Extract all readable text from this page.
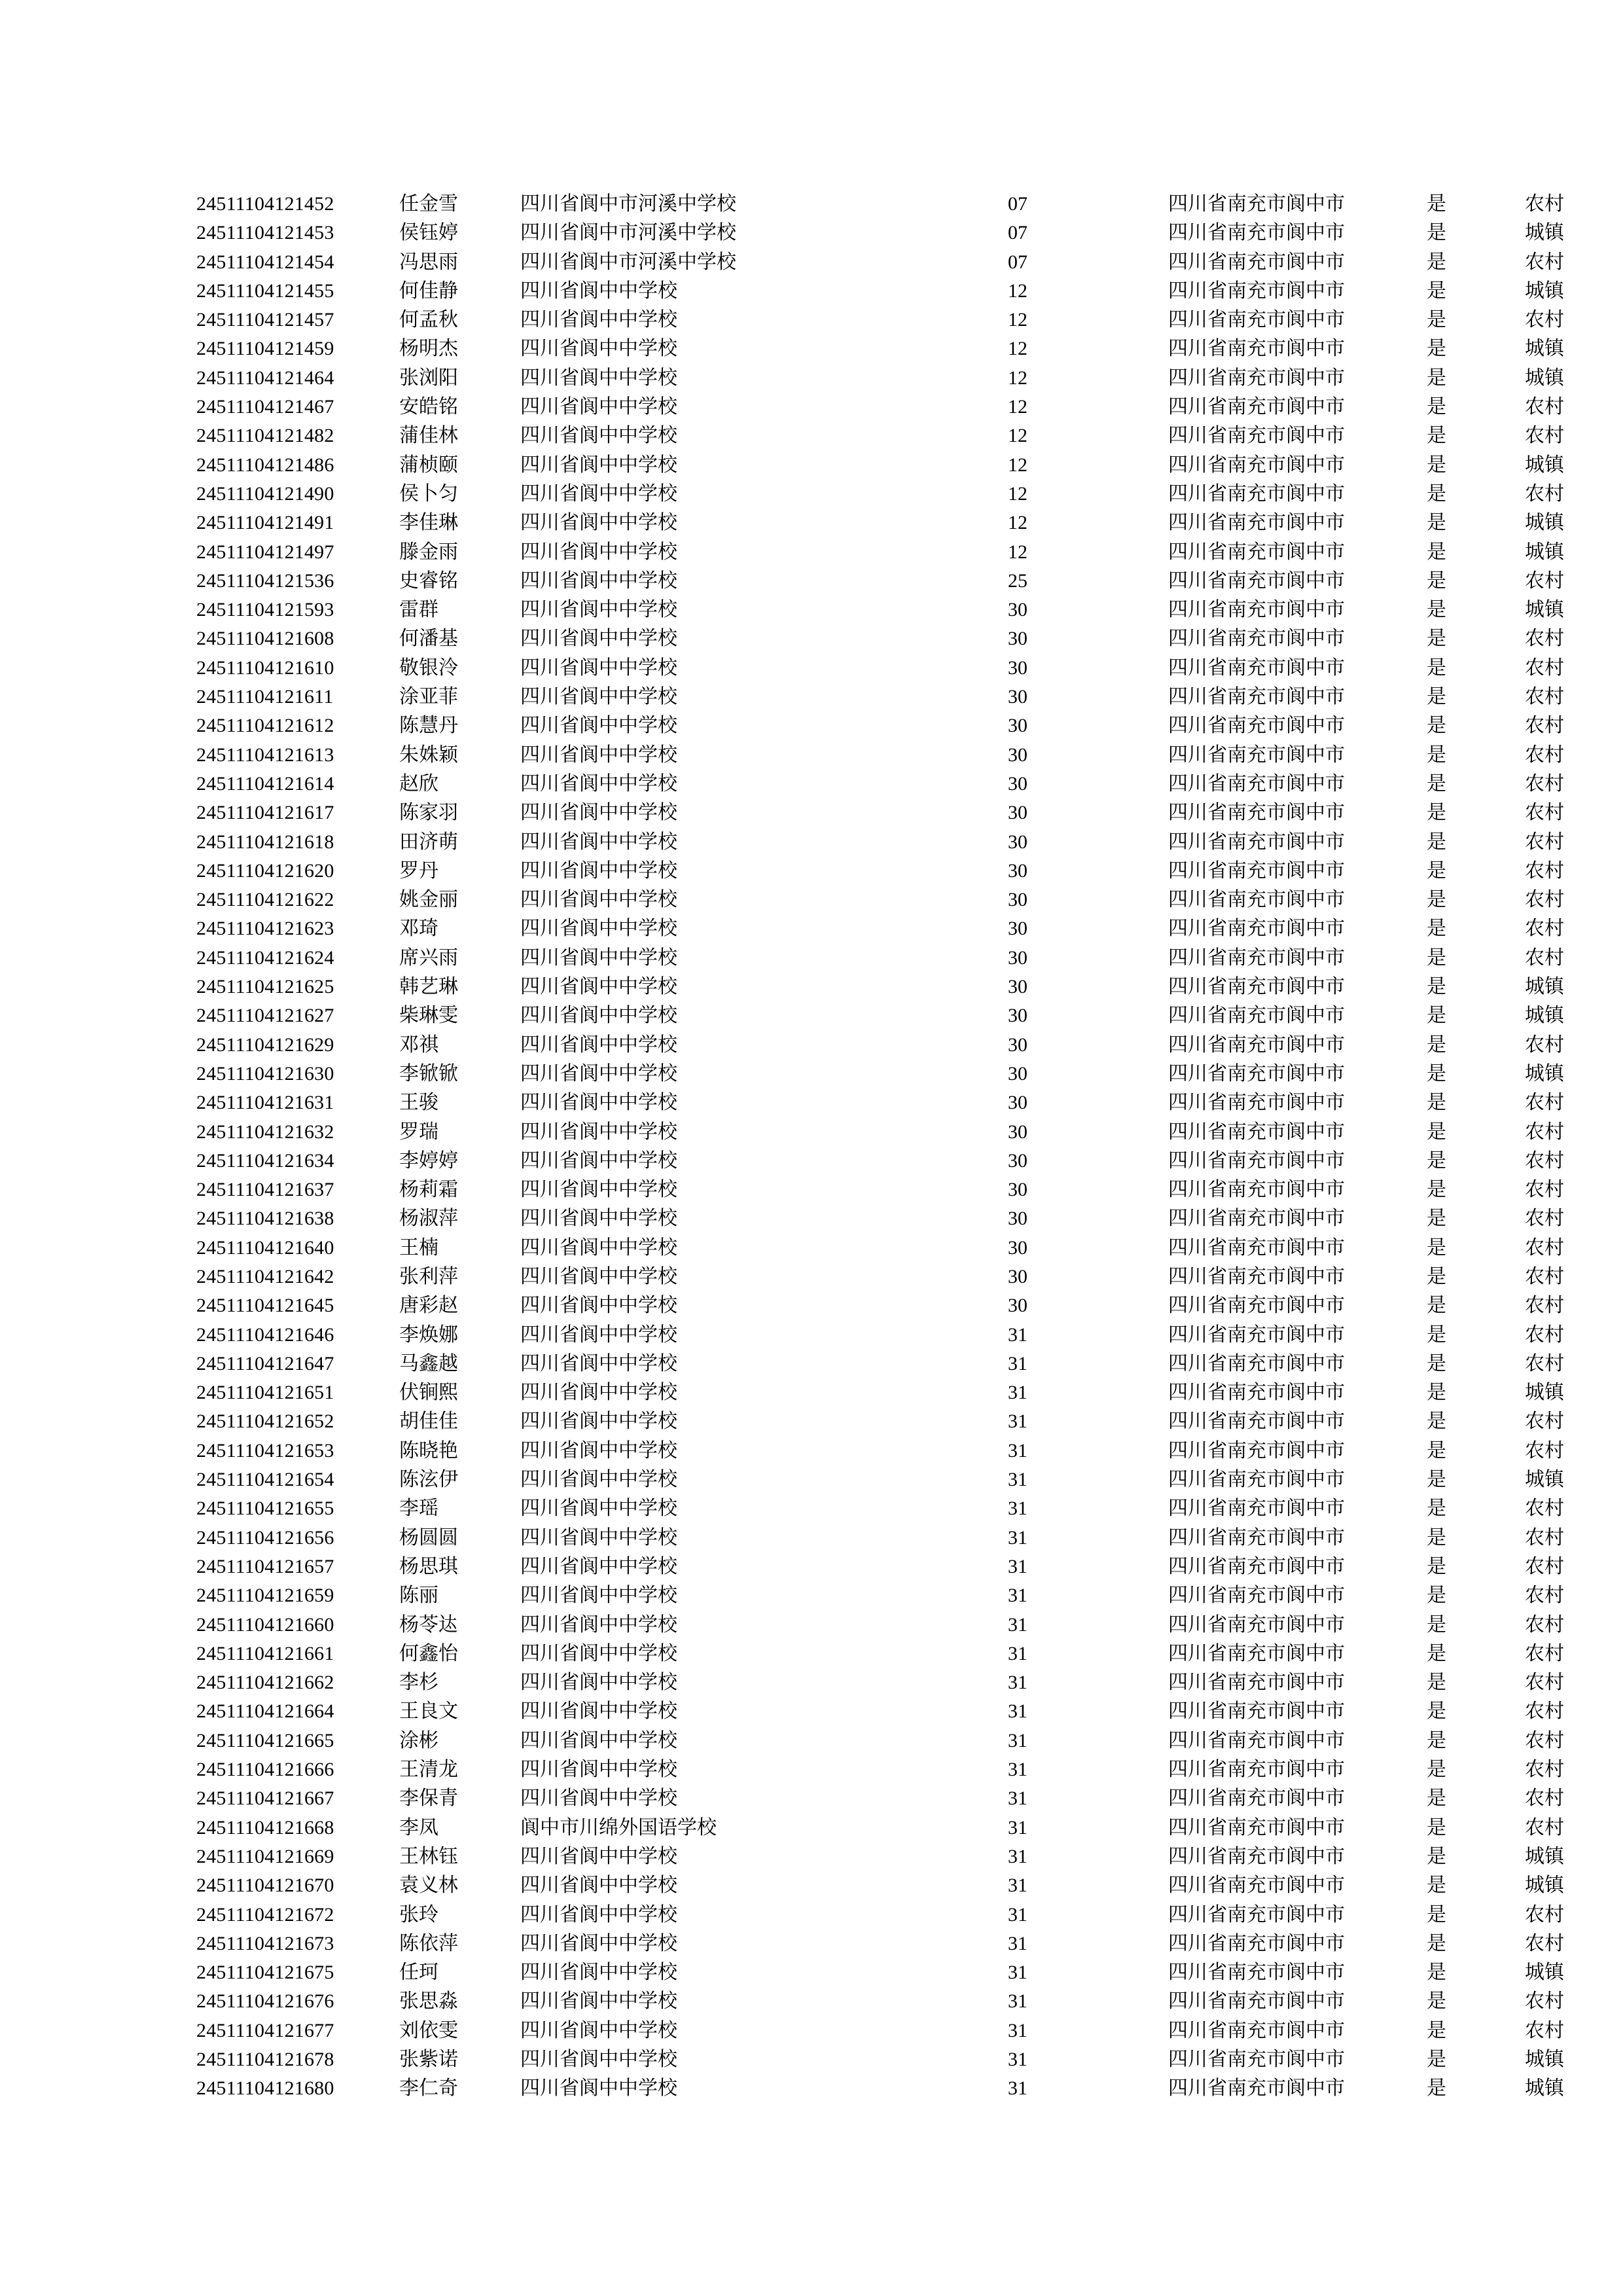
24511104121452	任金雪	四川省阆中市河溪中学校	07	四川省南充市阆中市	是	农村
24511104121453	侯钰婷	四川省阆中市河溪中学校	07	四川省南充市阆中市	是	城镇
24511104121454	冯思雨	四川省阆中市河溪中学校	07	四川省南充市阆中市	是	农村
24511104121455	何佳静	四川省阆中中学校	12	四川省南充市阆中市	是	城镇
24511104121457	何孟秋	四川省阆中中学校	12	四川省南充市阆中市	是	农村
24511104121459	杨明杰	四川省阆中中学校	12	四川省南充市阆中市	是	城镇
24511104121464	张浏阳	四川省阆中中学校	12	四川省南充市阆中市	是	城镇
24511104121467	安皓铭	四川省阆中中学校	12	四川省南充市阆中市	是	农村
24511104121482	蒲佳林	四川省阆中中学校	12	四川省南充市阆中市	是	农村
24511104121486	蒲桢颐	四川省阆中中学校	12	四川省南充市阆中市	是	城镇
24511104121490	侯卜匀	四川省阆中中学校	12	四川省南充市阆中市	是	农村
24511104121491	李佳琳	四川省阆中中学校	12	四川省南充市阆中市	是	城镇
24511104121497	滕金雨	四川省阆中中学校	12	四川省南充市阆中市	是	城镇
24511104121536	史睿铭	四川省阆中中学校	25	四川省南充市阆中市	是	农村
24511104121593	雷群	四川省阆中中学校	30	四川省南充市阆中市	是	城镇
24511104121608	何潘基	四川省阆中中学校	30	四川省南充市阆中市	是	农村
24511104121610	敬银泠	四川省阆中中学校	30	四川省南充市阆中市	是	农村
24511104121611	涂亚菲	四川省阆中中学校	30	四川省南充市阆中市	是	农村
24511104121612	陈慧丹	四川省阆中中学校	30	四川省南充市阆中市	是	农村
24511104121613	朱姝颖	四川省阆中中学校	30	四川省南充市阆中市	是	农村
24511104121614	赵欣	四川省阆中中学校	30	四川省南充市阆中市	是	农村
24511104121617	陈家羽	四川省阆中中学校	30	四川省南充市阆中市	是	农村
24511104121618	田济萌	四川省阆中中学校	30	四川省南充市阆中市	是	农村
24511104121620	罗丹	四川省阆中中学校	30	四川省南充市阆中市	是	农村
24511104121622	姚金丽	四川省阆中中学校	30	四川省南充市阆中市	是	农村
24511104121623	邓琦	四川省阆中中学校	30	四川省南充市阆中市	是	农村
24511104121624	席兴雨	四川省阆中中学校	30	四川省南充市阆中市	是	农村
24511104121625	韩艺琳	四川省阆中中学校	30	四川省南充市阆中市	是	城镇
24511104121627	柴琳雯	四川省阆中中学校	30	四川省南充市阆中市	是	城镇
24511104121629	邓祺	四川省阆中中学校	30	四川省南充市阆中市	是	农村
24511104121630	李锨锨	四川省阆中中学校	30	四川省南充市阆中市	是	城镇
24511104121631	王骏	四川省阆中中学校	30	四川省南充市阆中市	是	农村
24511104121632	罗瑞	四川省阆中中学校	30	四川省南充市阆中市	是	农村
24511104121634	李婷婷	四川省阆中中学校	30	四川省南充市阆中市	是	农村
24511104121637	杨莉霜	四川省阆中中学校	30	四川省南充市阆中市	是	农村
24511104121638	杨淑萍	四川省阆中中学校	30	四川省南充市阆中市	是	农村
24511104121640	王楠	四川省阆中中学校	30	四川省南充市阆中市	是	农村
24511104121642	张利萍	四川省阆中中学校	30	四川省南充市阆中市	是	农村
24511104121645	唐彩赵	四川省阆中中学校	30	四川省南充市阆中市	是	农村
24511104121646	李焕娜	四川省阆中中学校	31	四川省南充市阆中市	是	农村
24511104121647	马鑫越	四川省阆中中学校	31	四川省南充市阆中市	是	农村
24511104121651	伏锏熙	四川省阆中中学校	31	四川省南充市阆中市	是	城镇
24511104121652	胡佳佳	四川省阆中中学校	31	四川省南充市阆中市	是	农村
24511104121653	陈晓艳	四川省阆中中学校	31	四川省南充市阆中市	是	农村
24511104121654	陈泫伊	四川省阆中中学校	31	四川省南充市阆中市	是	城镇
24511104121655	李瑶	四川省阆中中学校	31	四川省南充市阆中市	是	农村
24511104121656	杨圆圆	四川省阆中中学校	31	四川省南充市阆中市	是	农村
24511104121657	杨思琪	四川省阆中中学校	31	四川省南充市阆中市	是	农村
24511104121659	陈丽	四川省阆中中学校	31	四川省南充市阆中市	是	农村
24511104121660	杨苓迏	四川省阆中中学校	31	四川省南充市阆中市	是	农村
24511104121661	何鑫怡	四川省阆中中学校	31	四川省南充市阆中市	是	农村
24511104121662	李杉	四川省阆中中学校	31	四川省南充市阆中市	是	农村
24511104121664	王良文	四川省阆中中学校	31	四川省南充市阆中市	是	农村
24511104121665	涂彬	四川省阆中中学校	31	四川省南充市阆中市	是	农村
24511104121666	王清龙	四川省阆中中学校	31	四川省南充市阆中市	是	农村
24511104121667	李保青	四川省阆中中学校	31	四川省南充市阆中市	是	农村
24511104121668	李凤	阆中市川绵外国语学校	31	四川省南充市阆中市	是	农村
24511104121669	王林钰	四川省阆中中学校	31	四川省南充市阆中市	是	城镇
24511104121670	袁义林	四川省阆中中学校	31	四川省南充市阆中市	是	城镇
24511104121672	张玲	四川省阆中中学校	31	四川省南充市阆中市	是	农村
24511104121673	陈依萍	四川省阆中中学校	31	四川省南充市阆中市	是	农村
24511104121675	任珂	四川省阆中中学校	31	四川省南充市阆中市	是	城镇
24511104121676	张思淼	四川省阆中中学校	31	四川省南充市阆中市	是	农村
24511104121677	刘依雯	四川省阆中中学校	31	四川省南充市阆中市	是	农村
24511104121678	张紫诺	四川省阆中中学校	31	四川省南充市阆中市	是	城镇
24511104121680	李仁奇	四川省阆中中学校	31	四川省南充市阆中市	是	城镇
